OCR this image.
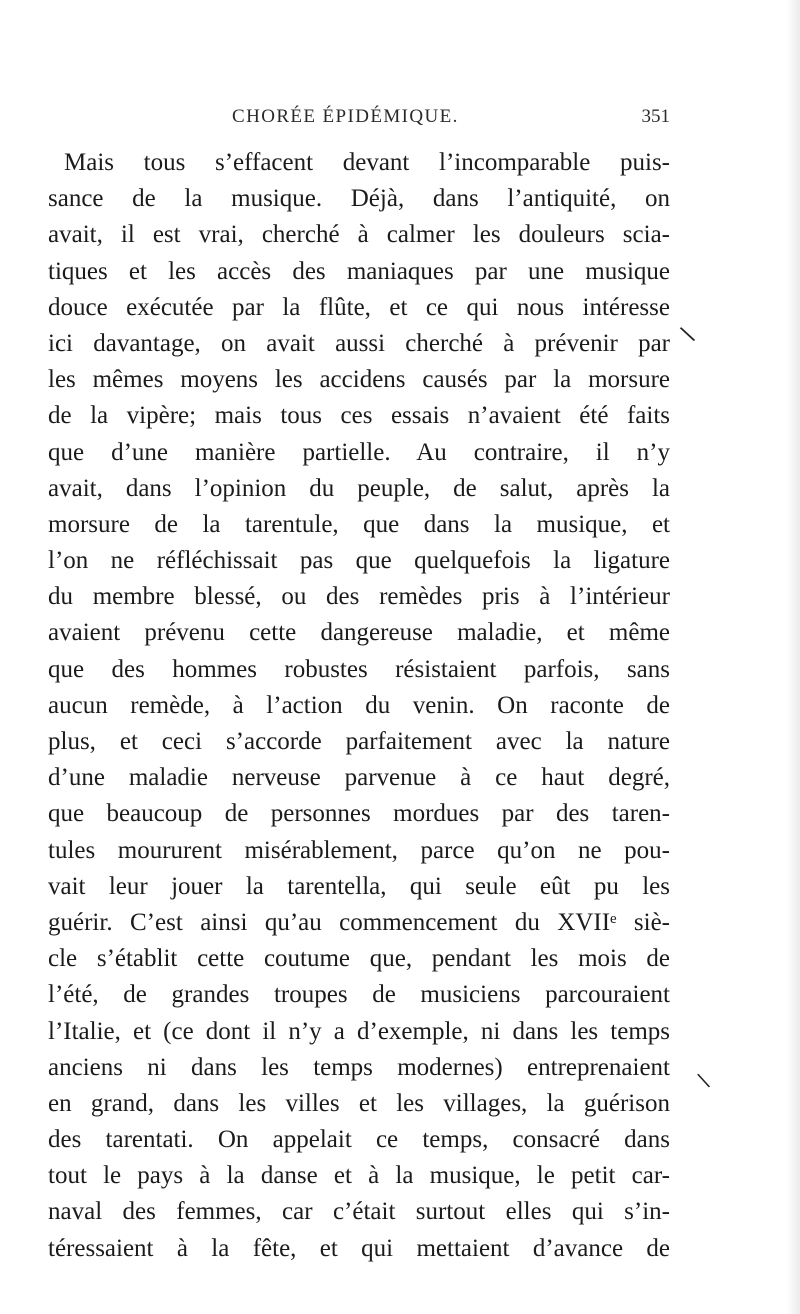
CHORÉE ÉPIDÉMIQUE.	351
Mais tous s’effacent devant l’incomparable puis-
sance de la musique. Déjà, dans l’antiquité, on
avait, il est vrai, cherché à calmer les douleurs scia-
tiques et les accès des maniaques par une musique
douce exécutée par la flûte, et ce qui nous intéresse
ici davantage, on avait aussi cherché à prévenir par
les mêmes moyens les accidens causés par la morsure
de la vipère; mais tous ces essais n’avaient été faits
que d’une manière partielle. Au contraire, il n’y
avait, dans l’opinion du peuple, de salut, après la
morsure de la tarentule, que dans la musique, et
l’on ne réfléchissait pas que quelquefois la ligature
du membre blessé, ou des remèdes pris à l’intérieur
avaient prévenu cette dangereuse maladie, et même
que des hommes robustes résistaient parfois, sans
aucun remède, à l’action du venin. On raconte de
plus, et ceci s’accorde parfaitement avec la nature
d’une maladie nerveuse parvenue à ce haut degré,
que beaucoup de personnes mordues par des taren-
tules moururent misérablement, parce qu’on ne pou-
vait leur jouer la tarentella, qui seule eût pu les
guérir. C’est ainsi qu’au commencement du XVIIᵉ siè-
cle s’établit cette coutume que, pendant les mois de
l’été, de grandes troupes de musiciens parcouraient
l’Italie, et (ce dont il n’y a d’exemple, ni dans les temps
anciens ni dans les temps modernes) entreprenaient
en grand, dans les villes et les villages, la guérison
des tarentati. On appelait ce temps, consacré dans
tout le pays à la danse et à la musique, le petit car-
naval des femmes, car c’était surtout elles qui s’in-
téressaient à la fête, et qui mettaient d’avance de
\
\
